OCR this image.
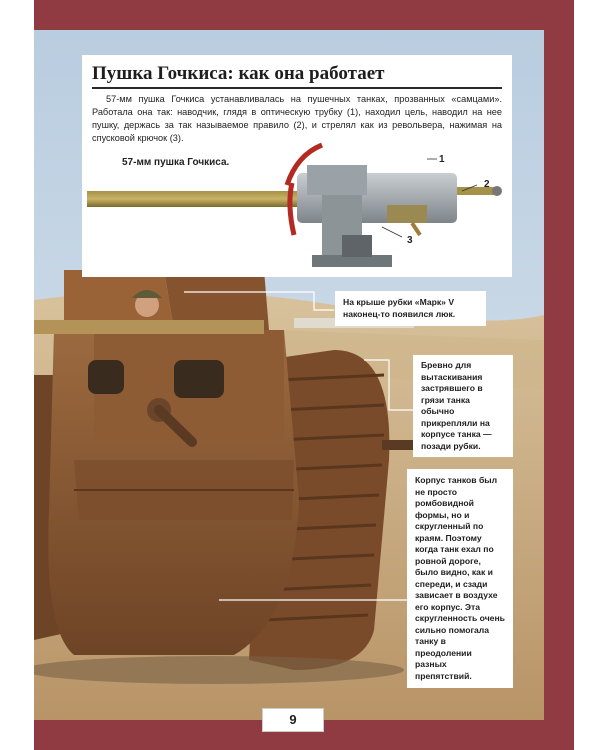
Пушка Гочкиса: как она работает
57-мм пушка Гочкиса устанавливалась на пушечных танках, прозванных «самцами». Работала она так: наводчик, глядя в оптическую трубку (1), находил цель, наводил на нее пушку, держась за так называемое правило (2), и стрелял как из револьвера, нажимая на спусковой крючок (3).
57-мм пушка Гочкиса.	1
2
3
На крыше рубки «Марк» V наконец-то появился люк.
Бревно для вытаскивания застрявшего в грязи танка обычно прикрепляли на корпусе танка — позади рубки.
Корпус танков был не просто ромбовидной формы, но и скругленный по краям. Поэтому когда танк ехал по ровной дороге, было видно, как и спереди, и сзади зависает в воздухе его корпус. Эта скругленность очень сильно помогала танку в преодолении разных препятствий.
9
